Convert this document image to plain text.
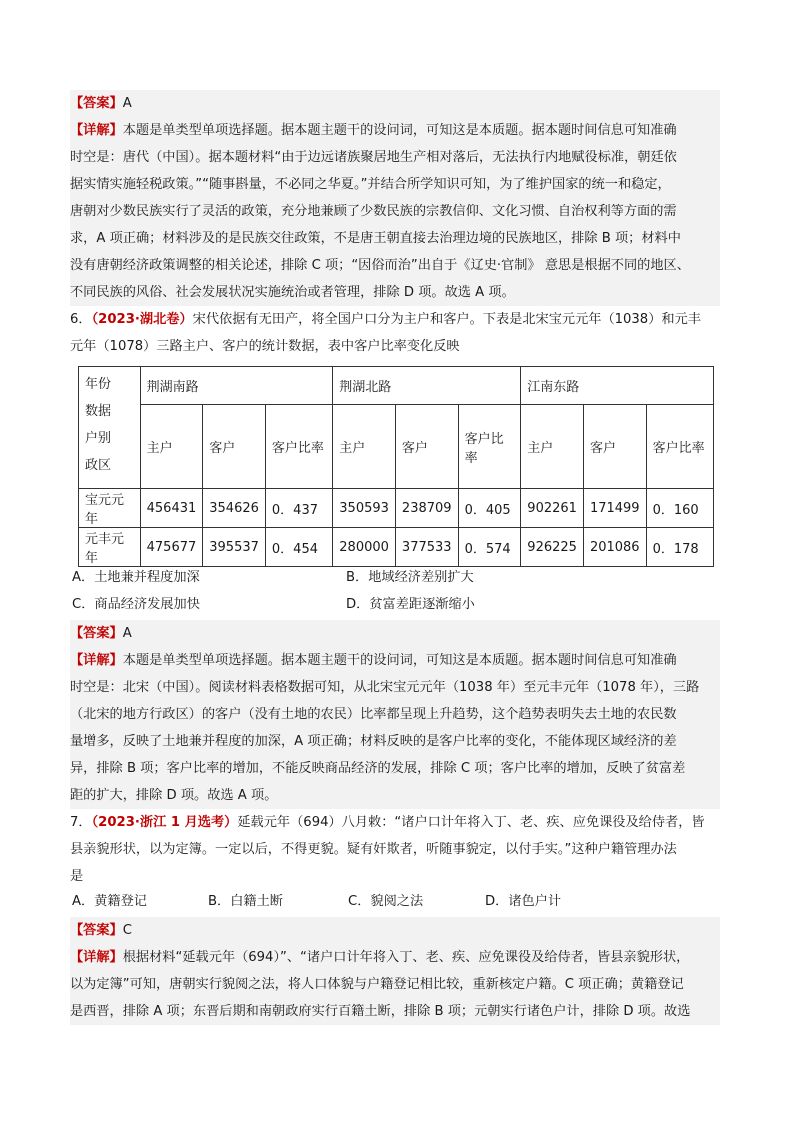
【答案】A
【详解】本题是单类型单项选择题。据本题主题干的设问词，可知这是本质题。据本题时间信息可知准确
时空是：唐代（中国）。据本题材料“由于边远诸族聚居地生产相对落后，无法执行内地赋役标准，朝廷依
据实情实施轻税政策。”“随事斟量，不必同之华夏。”并结合所学知识可知，为了维护国家的统一和稳定，
唐朝对少数民族实行了灵活的政策，充分地兼顾了少数民族的宗教信仰、文化习惯、自治权利等方面的需
求，A 项正确；材料涉及的是民族交往政策，不是唐王朝直接去治理边境的民族地区，排除 B 项；材料中
没有唐朝经济政策调整的相关论述，排除 C 项；“因俗而治”出自于《辽史·官制》 意思是根据不同的地区、
不同民族的风俗、社会发展状况实施统治或者管理，排除 D 项。故选 A 项。
6．（2023·湖北卷）宋代依据有无田产，将全国户口分为主户和客户。下表是北宋宝元元年（1038）和元丰
元年（1078）三路主户、客户的统计数据，表中客户比率变化反映
年份
数据
户别
政区	荆湖南路			荆湖北路			江南东路		
	主户	客户	客户比率	主户	客户	客户比率	主户	客户	客户比率
宝元元年	456431	354626	0．437	350593	238709	0．405	902261	171499	0．160
元丰元年	475677	395537	0．454	280000	377533	0．574	926225	201086	0．178
A．土地兼并程度加深	B．地域经济差别扩大
C．商品经济发展加快	D．贫富差距逐渐缩小
【答案】A
【详解】本题是单类型单项选择题。据本题主题干的设问词，可知这是本质题。据本题时间信息可知准确
时空是：北宋（中国）。阅读材料表格数据可知，从北宋宝元元年（1038 年）至元丰元年（1078 年），三路
（北宋的地方行政区）的客户（没有土地的农民）比率都呈现上升趋势，这个趋势表明失去土地的农民数
量增多，反映了土地兼并程度的加深，A 项正确；材料反映的是客户比率的变化，不能体现区域经济的差
异，排除 B 项；客户比率的增加，不能反映商品经济的发展，排除 C 项；客户比率的增加，反映了贫富差
距的扩大，排除 D 项。故选 A 项。
7．（2023·浙江 1 月选考）延载元年（694）八月敕：“诸户口计年将入丁、老、疾、应免课役及给侍者，皆
县亲貌形状，以为定簿。一定以后，不得更貌。疑有奸欺者，听随事貌定，以付手实。”这种户籍管理办法
是
A．黄籍登记	B．白籍土断	C．貌阅之法	D．诸色户计
【答案】C
【详解】根据材料“延载元年（694）”、“诸户口计年将入丁、老、疾、应免课役及给侍者，皆县亲貌形状，
以为定簿”可知，唐朝实行貌阅之法，将人口体貌与户籍登记相比较，重新核定户籍。C 项正确；黄籍登记
是西晋，排除 A 项；东晋后期和南朝政府实行百籍土断，排除 B 项；元朝实行诸色户计，排除 D 项。故选
